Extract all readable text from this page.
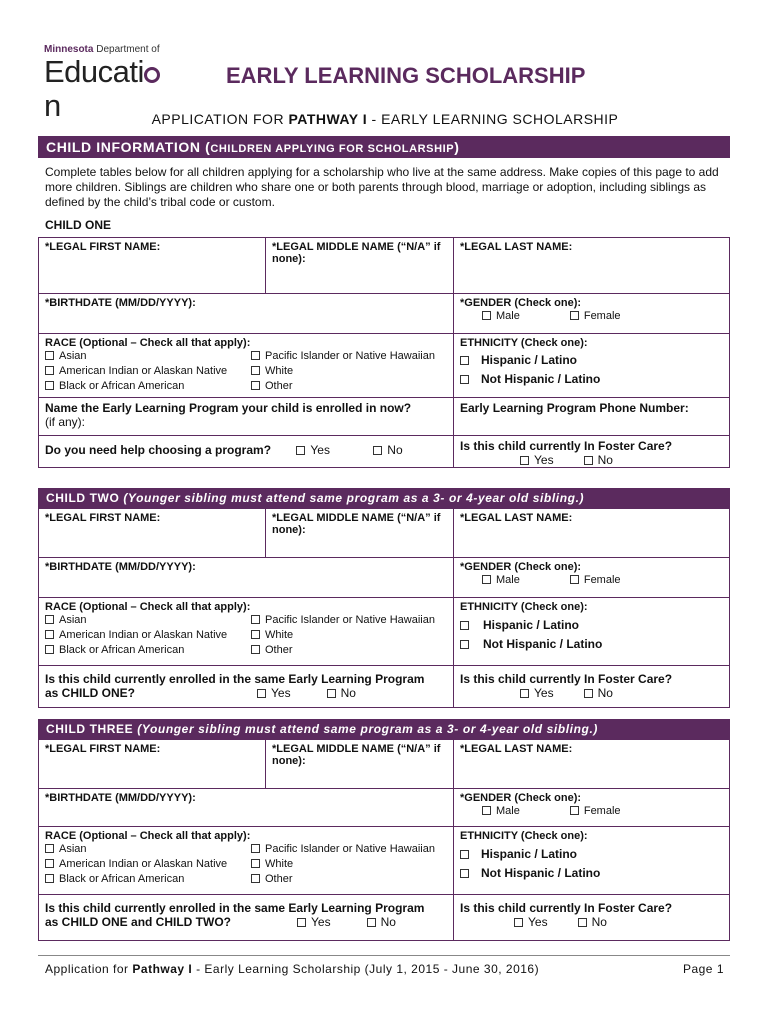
Minnesota Department of
Educatin
EARLY LEARNING SCHOLARSHIP
APPLICATION FOR PATHWAY I - EARLY LEARNING SCHOLARSHIP
CHILD INFORMATION (CHILDREN APPLYING FOR SCHOLARSHIP)
Complete tables below for all children applying for a scholarship who live at the same address. Make copies of this page to add more children. Siblings are children who share one or both parents through blood, marriage or adoption, including siblings as defined by the child’s tribal code or custom.
CHILD ONE
*LEGAL FIRST NAME:	*LEGAL MIDDLE NAME (“N/A” if none):
*LEGAL LAST NAME:
*BIRTHDATE (MM/DD/YYYY):	*GENDER (Check one):
Male	Female
RACE (Optional – Check all that apply):
Asian	Pacific Islander or Native Hawaiian
American Indian or Alaskan Native	White
Black or African American	Other
ETHNICITY (Check one):
Hispanic / Latino
Not Hispanic / Latino
Name the Early Learning Program your child is enrolled in now?
(if any):
Early Learning Program Phone Number:
Do you need help choosing a program?	Yes	No	Is this child currently In Foster Care?
Yes	No
CHILD TWO (Younger sibling must attend same program as a 3- or 4-year old sibling.)
*LEGAL FIRST NAME:	*LEGAL MIDDLE NAME (“N/A” if none):
*LEGAL LAST NAME:
*BIRTHDATE (MM/DD/YYYY):	*GENDER (Check one):
Male	Female
RACE (Optional – Check all that apply):
Asian	Pacific Islander or Native Hawaiian
American Indian or Alaskan Native	White
Black or African American	Other
ETHNICITY (Check one):
Hispanic / Latino
Not Hispanic / Latino
Is this child currently enrolled in the same Early Learning Program
as CHILD ONE?	Yes	No
Is this child currently In Foster Care?
Yes	No
CHILD THREE (Younger sibling must attend same program as a 3- or 4-year old sibling.)
*LEGAL FIRST NAME:	*LEGAL MIDDLE NAME (“N/A” if none):
*LEGAL LAST NAME:
*BIRTHDATE (MM/DD/YYYY):	*GENDER (Check one):
Male	Female
RACE (Optional – Check all that apply):
Asian	Pacific Islander or Native Hawaiian
American Indian or Alaskan Native	White
Black or African American	Other
ETHNICITY (Check one):
Hispanic / Latino
Not Hispanic / Latino
Is this child currently enrolled in the same Early Learning Program
as CHILD ONE and CHILD TWO?	Yes	No
Is this child currently In Foster Care?
Yes	No
Application for Pathway I - Early Learning Scholarship (July 1, 2015 - June 30, 2016)	Page 1
